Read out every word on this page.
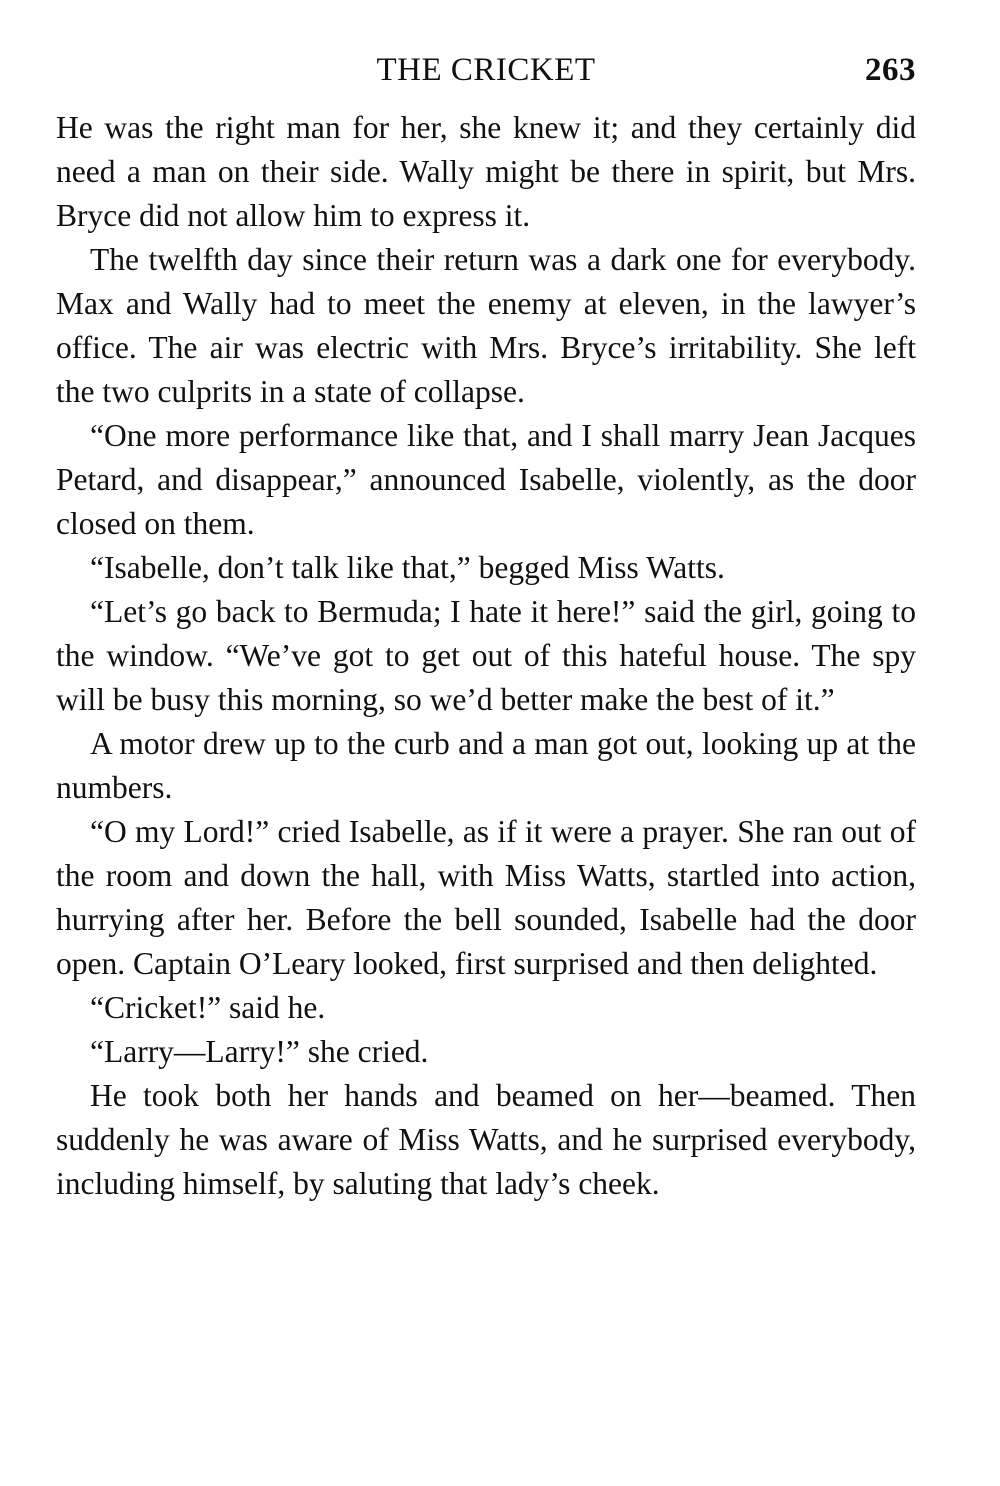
THE CRICKET	263

He was the right man for her, she knew it; and they certainly did need a man on their side. Wally might be there in spirit, but Mrs. Bryce did not allow him to express it.

The twelfth day since their return was a dark one for everybody. Max and Wally had to meet the enemy at eleven, in the lawyer’s office. The air was electric with Mrs. Bryce’s irritability. She left the two culprits in a state of collapse.

“One more performance like that, and I shall marry Jean Jacques Petard, and disappear,” announced Isabelle, violently, as the door closed on them.

“Isabelle, don’t talk like that,” begged Miss Watts.

“Let’s go back to Bermuda; I hate it here!” said the girl, going to the window. “We’ve got to get out of this hateful house. The spy will be busy this morning, so we’d better make the best of it.”

A motor drew up to the curb and a man got out, looking up at the numbers.

“O my Lord!” cried Isabelle, as if it were a prayer. She ran out of the room and down the hall, with Miss Watts, startled into action, hurrying after her. Before the bell sounded, Isabelle had the door open. Captain O’Leary looked, first surprised and then delighted.

“Cricket!” said he.

“Larry—Larry!” she cried.

He took both her hands and beamed on her—beamed. Then suddenly he was aware of Miss Watts, and he surprised everybody, including himself, by saluting that lady’s cheek.
